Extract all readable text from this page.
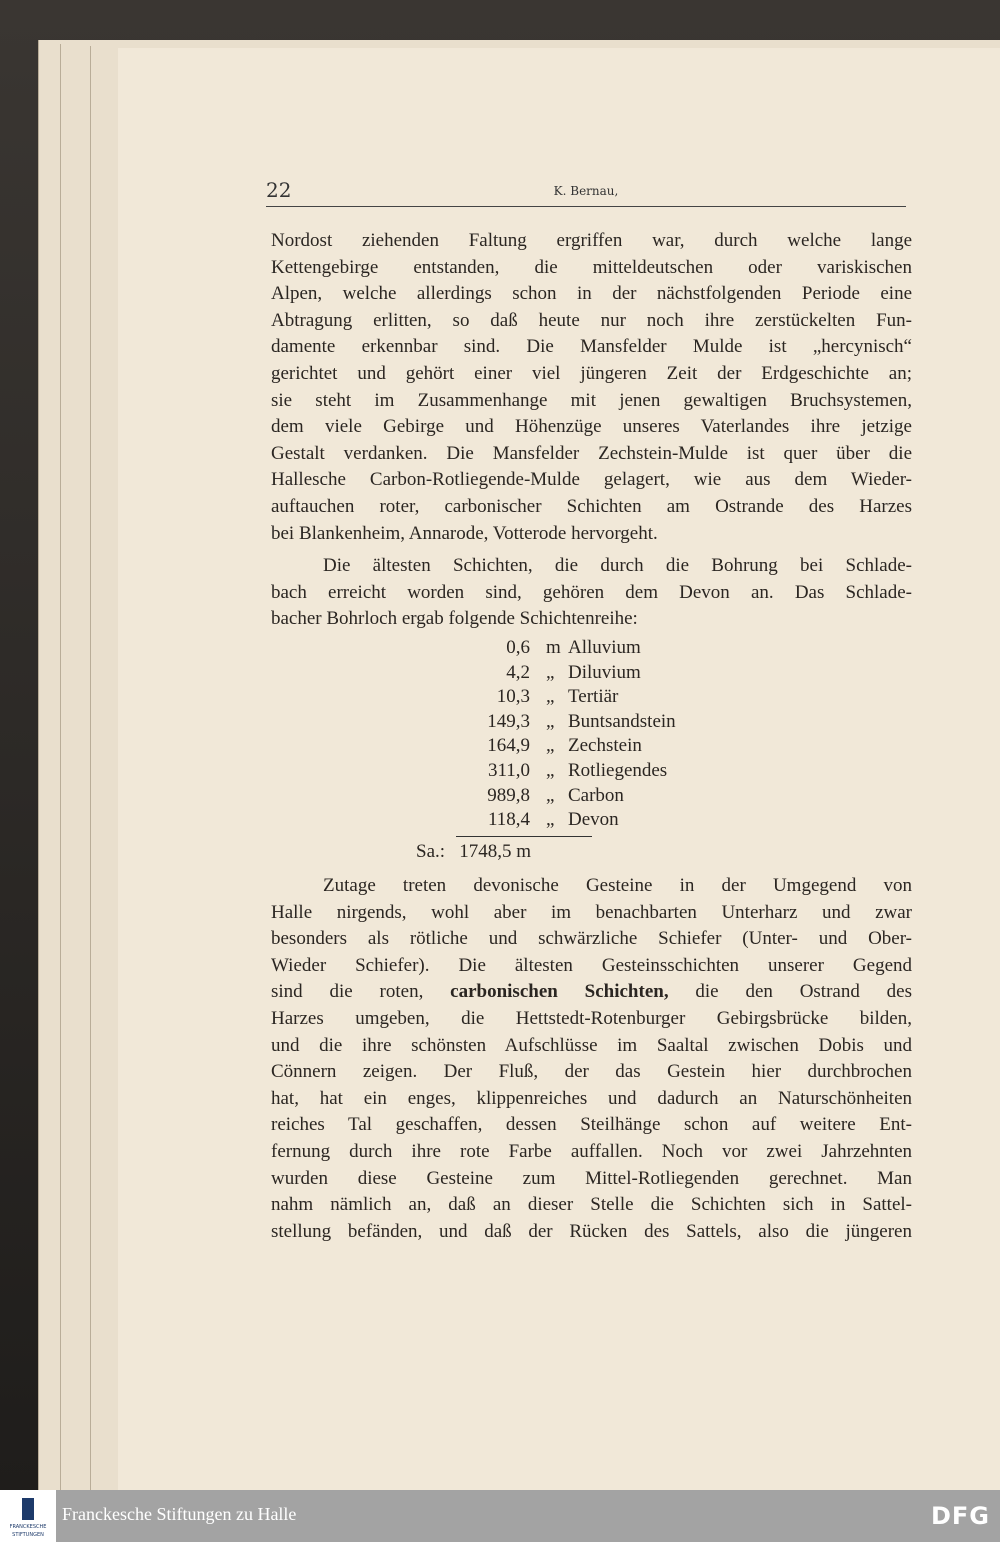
22	K. Bernau,
Nordost ziehenden Faltung ergriffen war, durch welche lange
Kettengebirge entstanden, die mitteldeutschen oder variskischen
Alpen, welche allerdings schon in der nächstfolgenden Periode eine
Abtragung erlitten, so daß heute nur noch ihre zerstückelten Fun-
damente erkennbar sind. Die Mansfelder Mulde ist „hercynisch“
gerichtet und gehört einer viel jüngeren Zeit der Erdgeschichte an;
sie steht im Zusammenhange mit jenen gewaltigen Bruchsystemen,
dem viele Gebirge und Höhenzüge unseres Vaterlandes ihre jetzige
Gestalt verdanken. Die Mansfelder Zechstein-Mulde ist quer über die
Hallesche Carbon-Rotliegende-Mulde gelagert, wie aus dem Wieder-
auftauchen roter, carbonischer Schichten am Ostrande des Harzes
bei Blankenheim, Annarode, Votterode hervorgeht.
Die ältesten Schichten, die durch die Bohrung bei Schlade-
bach erreicht worden sind, gehören dem Devon an. Das Schlade-
bacher Bohrloch ergab folgende Schichtenreihe:
0,6 m Alluvium
4,2 „ Diluvium
10,3 „ Tertiär
149,3 „ Buntsandstein
164,9 „ Zechstein
311,0 „ Rotliegendes
989,8 „ Carbon
118,4 „ Devon
Sa.: 1748,5 m
Zutage treten devonische Gesteine in der Umgegend von
Halle nirgends, wohl aber im benachbarten Unterharz und zwar
besonders als rötliche und schwärzliche Schiefer (Unter- und Ober-
Wieder Schiefer). Die ältesten Gesteinsschichten unserer Gegend
sind die roten, carbonischen Schichten, die den Ostrand des
Harzes umgeben, die Hettstedt-Rotenburger Gebirgsbrücke bilden,
und die ihre schönsten Aufschlüsse im Saaltal zwischen Dobis und
Cönnern zeigen. Der Fluß, der das Gestein hier durchbrochen
hat, hat ein enges, klippenreiches und dadurch an Naturschönheiten
reiches Tal geschaffen, dessen Steilhänge schon auf weitere Ent-
fernung durch ihre rote Farbe auffallen. Noch vor zwei Jahrzehnten
wurden diese Gesteine zum Mittel-Rotliegenden gerechnet. Man
nahm nämlich an, daß an dieser Stelle die Schichten sich in Sattel-
stellung befänden, und daß der Rücken des Sattels, also die jüngeren
FRANCKESCHE
STIFTUNGEN
Franckesche Stiftungen zu Halle	DFG
